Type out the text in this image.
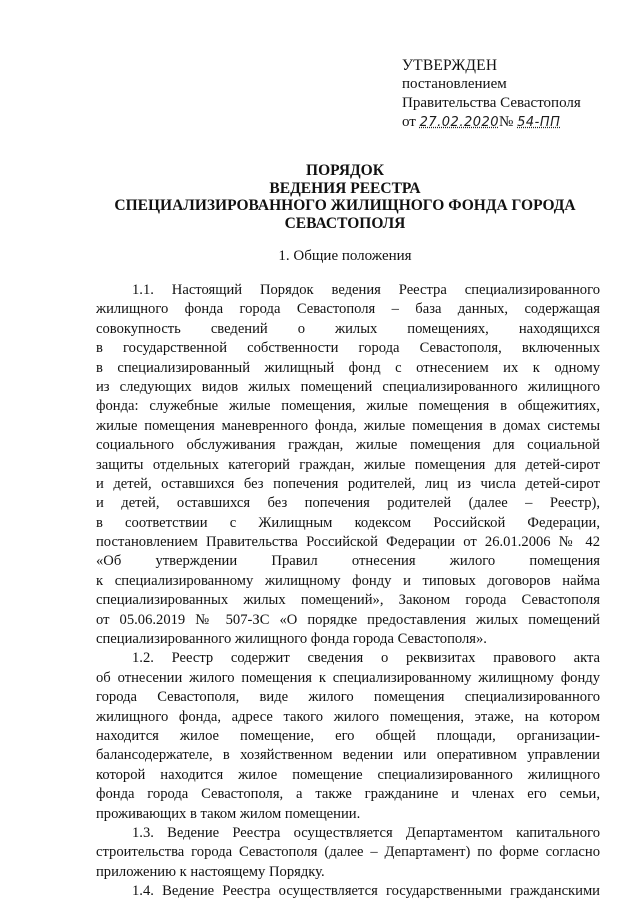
УТВЕРЖДЕН
постановлением
Правительства Севастополя
от 27.02.2020№ 54-ПП
ПОРЯДОК
ВЕДЕНИЯ РЕЕСТРА
СПЕЦИАЛИЗИРОВАННОГО ЖИЛИЩНОГО ФОНДА ГОРОДА
СЕВАСТОПОЛЯ
1. Общие положения
1.1. Настоящий Порядок ведения Реестра специализированного
жилищного фонда города Севастополя – база данных, содержащая
совокупность сведений о жилых помещениях, находящихся
в государственной собственности города Севастополя, включенных
в специализированный жилищный фонд с отнесением их к одному
из следующих видов жилых помещений специализированного жилищного
фонда: служебные жилые помещения, жилые помещения в общежитиях,
жилые помещения маневренного фонда, жилые помещения в домах системы
социального обслуживания граждан, жилые помещения для социальной
защиты отдельных категорий граждан, жилые помещения для детей-сирот
и детей, оставшихся без попечения родителей, лиц из числа детей-сирот
и детей, оставшихся без попечения родителей (далее – Реестр),
в соответствии с Жилищным кодексом Российской Федерации,
постановлением Правительства Российской Федерации от 26.01.2006 № 42
«Об утверждении Правил отнесения жилого помещения
к специализированному жилищному фонду и типовых договоров найма
специализированных жилых помещений», Законом города Севастополя
от 05.06.2019 № 507-ЗС «О порядке предоставления жилых помещений
специализированного жилищного фонда города Севастополя».
1.2. Реестр содержит сведения о реквизитах правового акта
об отнесении жилого помещения к специализированному жилищному фонду
города Севастополя, виде жилого помещения специализированного
жилищного фонда, адресе такого жилого помещения, этаже, на котором
находится жилое помещение, его общей площади, организации-
балансодержателе, в хозяйственном ведении или оперативном управлении
которой находится жилое помещение специализированного жилищного
фонда города Севастополя, а также гражданине и членах его семьи,
проживающих в таком жилом помещении.
1.3. Ведение Реестра осуществляется Департаментом капитального
строительства города Севастополя (далее – Департамент) по форме согласно
приложению к настоящему Порядку.
1.4. Ведение Реестра осуществляется государственными гражданскими
